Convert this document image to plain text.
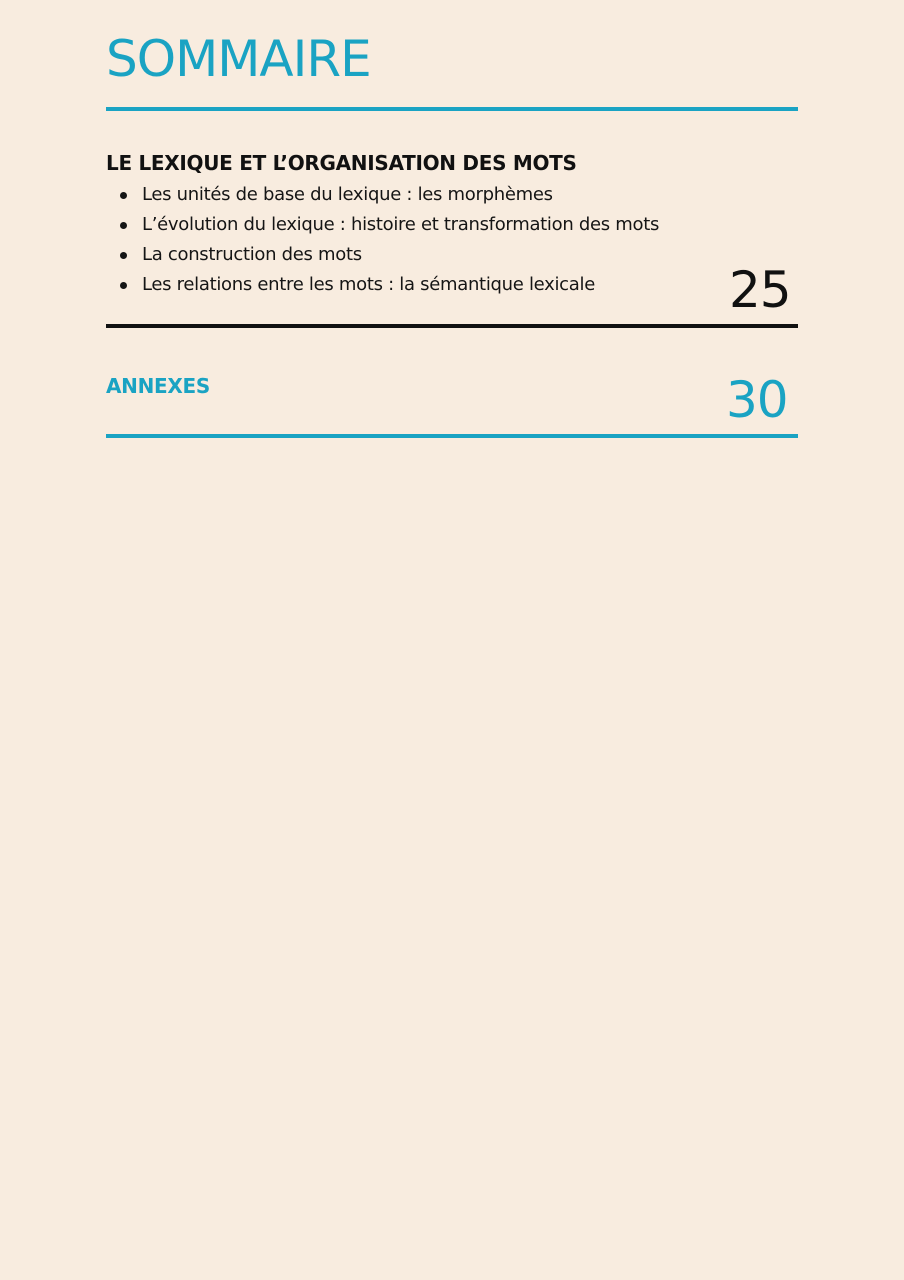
SOMMAIRE
LE LEXIQUE ET L’ORGANISATION DES MOTS
Les unités de base du lexique : les morphèmes
L’évolution du lexique : histoire et transformation des mots
La construction des mots
Les relations entre les mots : la sémantique lexicale	25
ANNEXES	30
